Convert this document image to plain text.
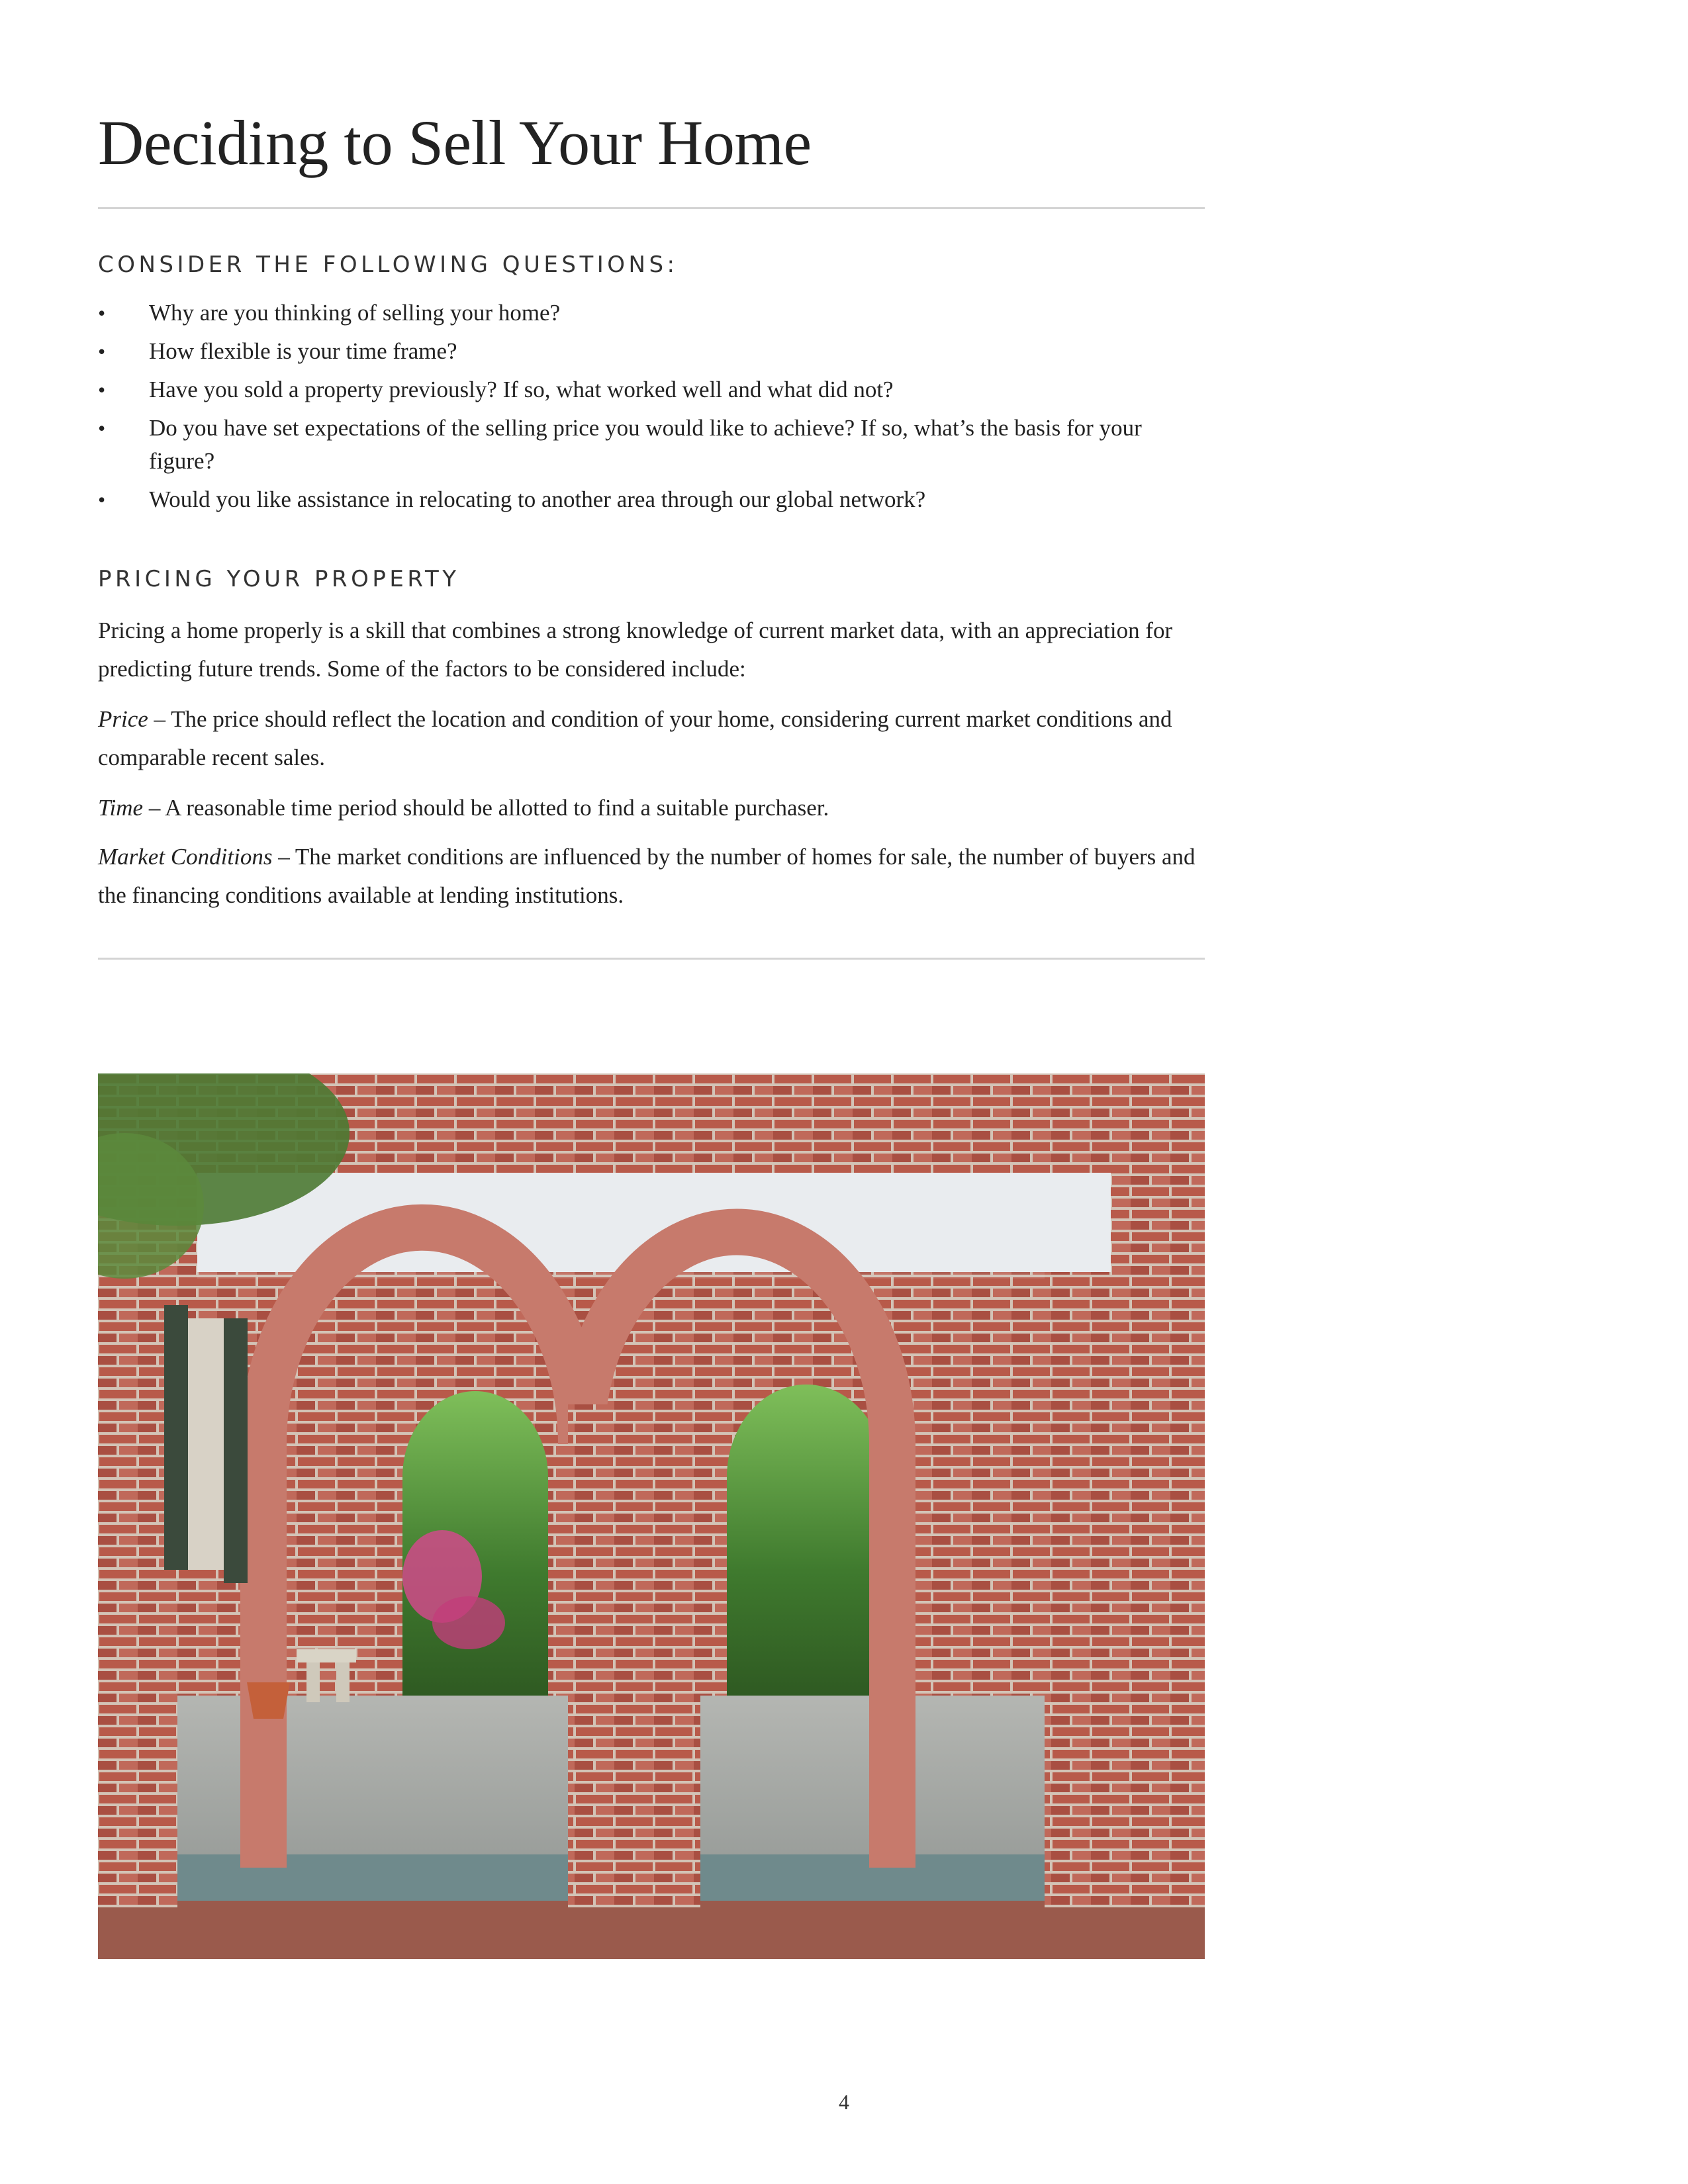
Deciding to Sell Your Home
CONSIDER THE FOLLOWING QUESTIONS:
• Why are you thinking of selling your home?
• How flexible is your time frame?
• Have you sold a property previously? If so, what worked well and what did not?
• Do you have set expectations of the selling price you would like to achieve? If so, what’s the basis for your figure?
• Would you like assistance in relocating to another area through our global network?
PRICING YOUR PROPERTY

Pricing a home properly is a skill that combines a strong knowledge of current market data, with an appreciation for predicting future trends. Some of the factors to be considered include:

Price – The price should reflect the location and condition of your home, considering current market conditions and comparable recent sales.

Time – A reasonable time period should be allotted to find a suitable purchaser.

Market Conditions – The market conditions are influenced by the number of homes for sale, the number of buyers and the financing conditions available at lending institutions.

4
